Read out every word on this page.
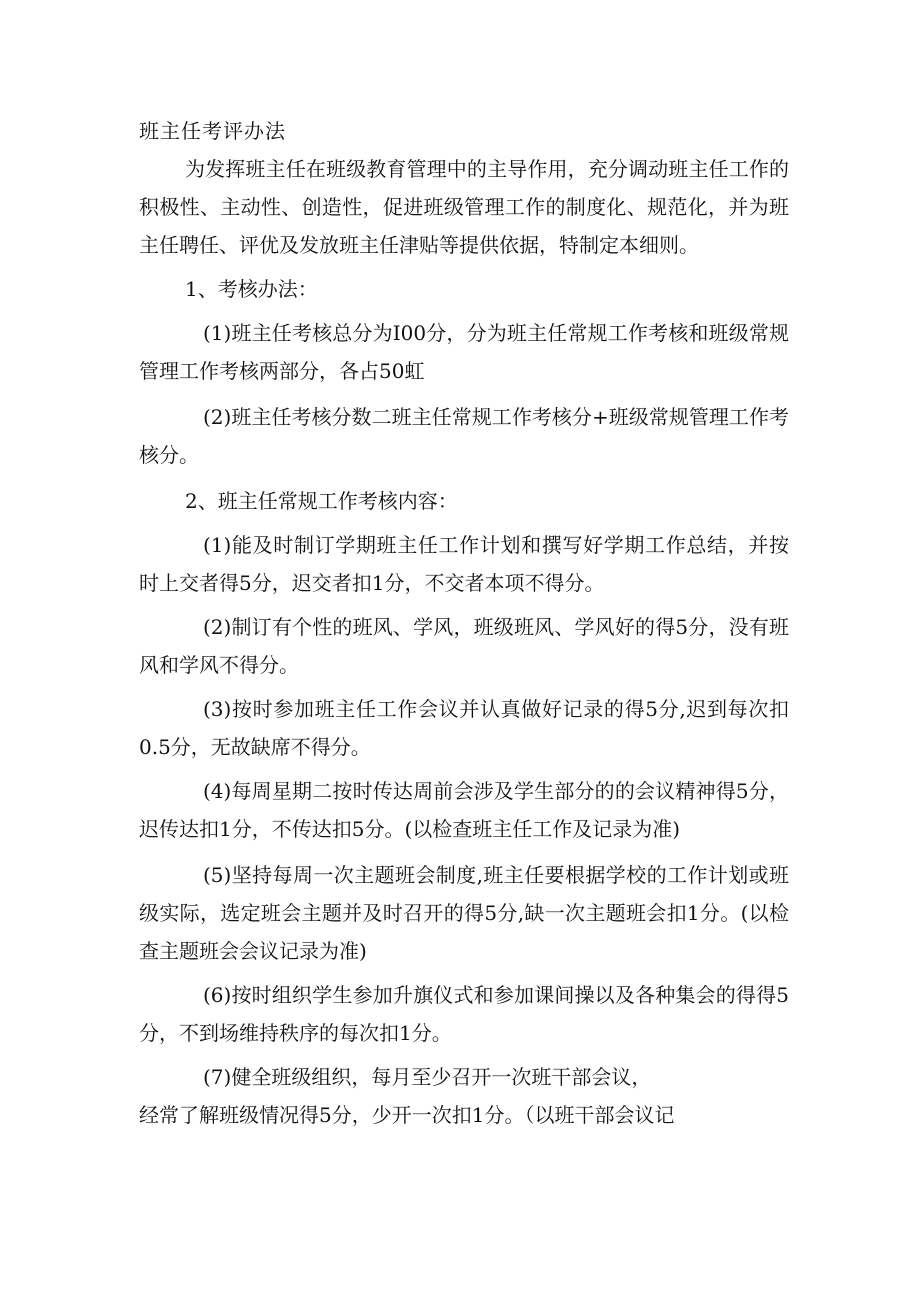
班主任考评办法

为发挥班主任在班级教育管理中的主导作用，充分调动班主任工作的积极性、主动性、创造性，促进班级管理工作的制度化、规范化，并为班主任聘任、评优及发放班主任津贴等提供依据，特制定本细则。

1、考核办法：

(1)班主任考核总分为I00分，分为班主任常规工作考核和班级常规管理工作考核两部分，各占50虹

(2)班主任考核分数二班主任常规工作考核分+班级常规管理工作考核分。

2、班主任常规工作考核内容：

(1)能及时制订学期班主任工作计划和撰写好学期工作总结，并按时上交者得5分，迟交者扣1分，不交者本项不得分。

(2)制订有个性的班风、学风，班级班风、学风好的得5分，没有班风和学风不得分。

(3)按时参加班主任工作会议并认真做好记录的得5分,迟到每次扣0.5分，无故缺席不得分。

(4)每周星期二按时传达周前会涉及学生部分的的会议精神得5分，迟传达扣1分，不传达扣5分。(以检查班主任工作及记录为准)

(5)坚持每周一次主题班会制度,班主任要根据学校的工作计划或班级实际，选定班会主题并及时召开的得5分,缺一次主题班会扣1分。(以检查主题班会会议记录为准)

(6)按时组织学生参加升旗仪式和参加课间操以及各种集会的得得5分，不到场维持秩序的每次扣1分。

(7)健全班级组织，每月至少召开一次班干部会议，

经常了解班级情况得5分，少开一次扣1分。（以班干部会议记
